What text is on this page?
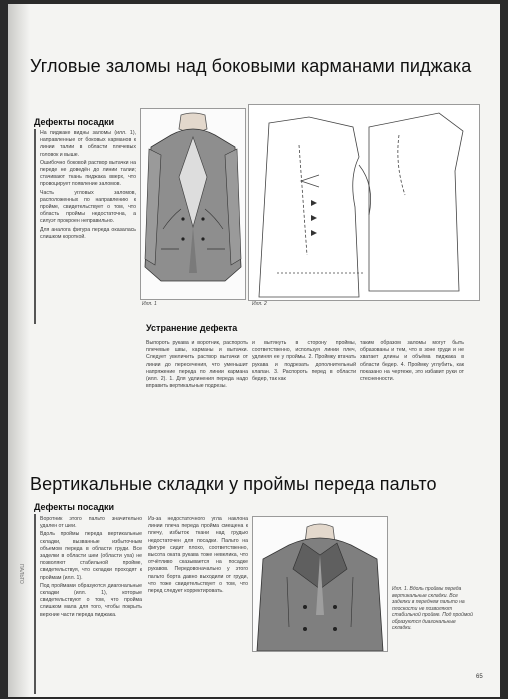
Угловые заломы над боковыми карманами пиджака
Дефекты посадки

На пиджаке видны заломы (илл. 1), направленные от боковых карманов к линии талии в области плечевых головок и выше.

Ошибочно боковой раствор вытачки на переде не доведён до линии талии; стачивают ткань пиджака вверх, что провоцирует появление заломов.

Часть угловых заломов, расположенных по направлению к пройме, свидетельствует о том, что область проймы недостаточна, а силуэт прокроен неправильно.

Для аналога фигура переда оказалась слишком короткой.

Илл. 1	Илл. 2
Устранение дефекта
Выпороть рукава и воротник, распороть плечевые швы, карманы и вытачки. Следует увеличить раствор вытачки от линии до пересечения, что уменьшит напряжение переда по линии кармана (илл. 2). 1. Для удлинения переда надо вправить вертикальные подрезы.
и вытянуть в сторону проймы, соответственно, используя линии плеч, удлиняя ее у проймы. 2. Проймку втачать рукава и подрезать дополнительный клапан. 3. Распороть перед в области бедер, так как
таким образом заломы могут быть образованы и тем, что в зоне груди и не хватает длины и объёма пиджака в области бедер. 4. Проймку углубить, как показано на чертеже, это избавит руки от стесненности.
Вертикальные складки у проймы переда пальто
Дефекты посадки

Воротник этого пальто значительно удален от шеи.

Вдоль проймы переда вертикальные складки, вызванные избыточным объемом переда в области груди. Все заделки в области шеи (области уха) не позволяют стабильной пройме, свидетельствуя, что складки проходят к проймам (илл. 1).

Под проймами образуются диагональные складки (илл. 1), которые свидетельствуют о том, что пройма слишком мала для того, чтобы покрыть верхние части переда пиджака.

Из-за недостаточного угла наклона линии плеча переда пройма смещена к плечу, избыток ткани над грудью недостаточен для посадки. Пальто на фигуре сидит плохо, соответственно, высота оката рукава тоже невелика, что отчётливо сказывается на посадке рукавов. Передовоначально у этого пальто борта давно выходили от груди, что тоже свидетельствует о том, что перед следует корректировать.	Илл. 1. Вдоль проймы переда вертикальные складки. Все заделки в переднем пальто на плоскости не позволяют стабильной пройме. Под проймой образуются диагональные складки.
ПАЛЬТО
65
